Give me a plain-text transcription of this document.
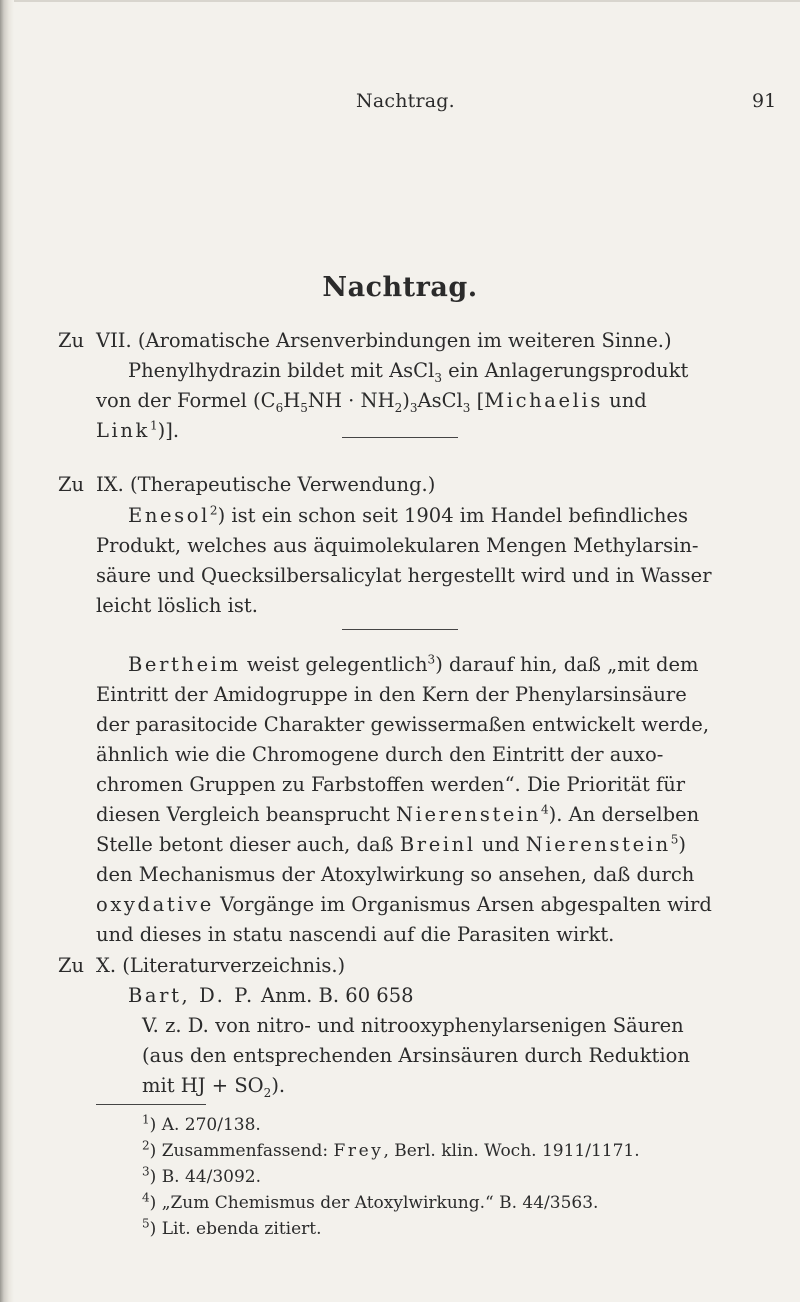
Nachtrag.	91
Nachtrag.
Zu VII. (Aromatische Arsenverbindungen im weiteren Sinne.)
Phenylhydrazin bildet mit AsCl$_3$ ein Anlagerungsprodukt
von der Formel ($C_6H_5NH$ · $NH_2)_3AsCl_3$ [Michaelis und
Link$^1$)].
Zu IX. (Therapeutische Verwendung.)
Enesol$^2$) ist ein schon seit 1904 im Handel befindliches
Produkt, welches aus äquimolekularen Mengen Methylarsin-
säure und Quecksilbersalicylat hergestellt wird und in Wasser
leicht löslich ist.
Bertheim weist gelegentlich$^3$) darauf hin, daß „mit dem
Eintritt der Amidogruppe in den Kern der Phenylarsinsäure
der parasitocide Charakter gewissermaßen entwickelt werde,
ähnlich wie die Chromogene durch den Eintritt der auxo-
chromen Gruppen zu Farbstoffen werden“. Die Priorität für
diesen Vergleich beansprucht Nierenstein$^4$). An derselben
Stelle betont dieser auch, daß Breinl und Nierenstein$^5$)
den Mechanismus der Atoxylwirkung so ansehen, daß durch
oxydative Vorgänge im Organismus Arsen abgespalten wird
und dieses in statu nascendi auf die Parasiten wirkt.
Zu X. (Literaturverzeichnis.)
Bart, D. P. Anm. B. 60 658
V. z. D. von nitro- und nitrooxyphenylarsenigen Säuren
(aus den entsprechenden Arsinsäuren durch Reduktion
mit HJ + $SO_2$).
$^1$) A. 270/138.
$^2$) Zusammenfassend: Frey, Berl. klin. Woch. 1911/1171.
$^3$) B. 44/3092.
$^4$) „Zum Chemismus der Atoxylwirkung.“ B. 44/3563.
$^5$) Lit. ebenda zitiert.
